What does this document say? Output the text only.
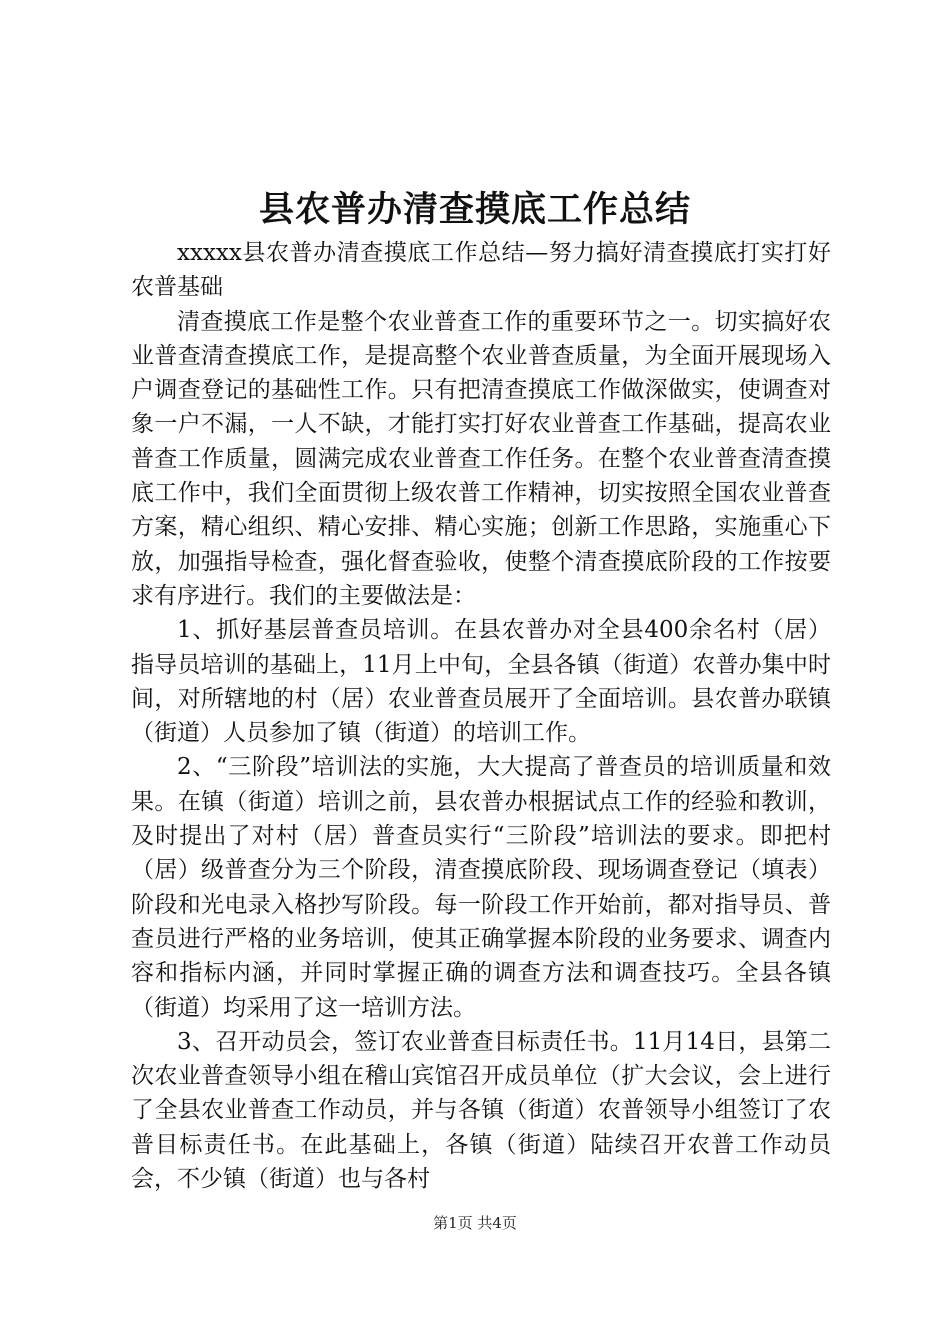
县农普办清查摸底工作总结

xxxxx县农普办清查摸底工作总结—努力搞好清查摸底打实打好农普基础

清查摸底工作是整个农业普查工作的重要环节之一。切实搞好农业普查清查摸底工作，是提高整个农业普查质量，为全面开展现场入户调查登记的基础性工作。只有把清查摸底工作做深做实，使调查对象一户不漏，一人不缺，才能打实打好农业普查工作基础，提高农业普查工作质量，圆满完成农业普查工作任务。在整个农业普查清查摸底工作中，我们全面贯彻上级农普工作精神，切实按照全国农业普查方案，精心组织、精心安排、精心实施；创新工作思路，实施重心下放，加强指导检查，强化督查验收，使整个清查摸底阶段的工作按要求有序进行。我们的主要做法是：

1、抓好基层普查员培训。在县农普办对全县400余名村（居）指导员培训的基础上，11月上中旬，全县各镇（街道）农普办集中时间，对所辖地的村（居）农业普查员展开了全面培训。县农普办联镇（街道）人员参加了镇（街道）的培训工作。

2、“三阶段”培训法的实施，大大提高了普查员的培训质量和效果。在镇（街道）培训之前，县农普办根据试点工作的经验和教训，及时提出了对村（居）普查员实行“三阶段”培训法的要求。即把村（居）级普查分为三个阶段，清查摸底阶段、现场调查登记（填表）阶段和光电录入格抄写阶段。每一阶段工作开始前，都对指导员、普查员进行严格的业务培训，使其正确掌握本阶段的业务要求、调查内容和指标内涵，并同时掌握正确的调查方法和调查技巧。全县各镇（街道）均采用了这一培训方法。

3、召开动员会，签订农业普查目标责任书。11月14日，县第二次农业普查领导小组在稽山宾馆召开成员单位（扩大会议，会上进行了全县农业普查工作动员，并与各镇（街道）农普领导小组签订了农普目标责任书。在此基础上，各镇（街道）陆续召开农普工作动员会，不少镇（街道）也与各村

第1页 共4页
